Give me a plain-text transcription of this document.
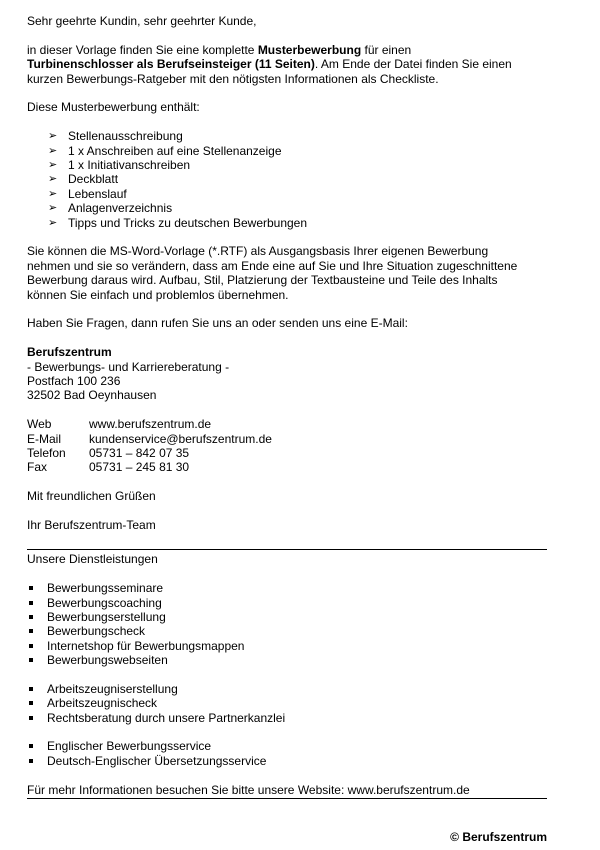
Sehr geehrte Kundin, sehr geehrter Kunde,

in dieser Vorlage finden Sie eine komplette Musterbewerbung für einen

Turbinenschlosser als Berufseinsteiger (11 Seiten). Am Ende der Datei finden Sie einen

kurzen Bewerbungs-Ratgeber mit den nötigsten Informationen als Checkliste.

Diese Musterbewerbung enthält:

➢ Stellenausschreibung
➢ 1 x Anschreiben auf eine Stellenanzeige
➢ 1 x Initiativanschreiben
➢ Deckblatt
➢ Lebenslauf
➢ Anlagenverzeichnis
➢ Tipps und Tricks zu deutschen Bewerbungen

Sie können die MS-Word-Vorlage (*.RTF) als Ausgangsbasis Ihrer eigenen Bewerbung

nehmen und sie so verändern, dass am Ende eine auf Sie und Ihre Situation zugeschnittene

Bewerbung daraus wird. Aufbau, Stil, Platzierung der Textbausteine und Teile des Inhalts

können Sie einfach und problemlos übernehmen.

Haben Sie Fragen, dann rufen Sie uns an oder senden uns eine E-Mail:

Berufszentrum

- Bewerbungs- und Karriereberatung -

Postfach 100 236

32502 Bad Oeynhausen

Web	www.berufszentrum.de
E-Mail	kundenservice@berufszentrum.de
Telefon	05731 – 842 07 35
Fax	05731 – 245 81 30

Mit freundlichen Grüßen

Ihr Berufszentrum-Team

Unsere Dienstleistungen

Bewerbungsseminare
Bewerbungscoaching
Bewerbungserstellung
Bewerbungscheck
Internetshop für Bewerbungsmappen
Bewerbungswebseiten
Arbeitszeugniserstellung
Arbeitszeugnischeck
Rechtsberatung durch unsere Partnerkanzlei
Englischer Bewerbungsservice
Deutsch-Englischer Übersetzungsservice

Für mehr Informationen besuchen Sie bitte unsere Website: www.berufszentrum.de

© Berufszentrum
